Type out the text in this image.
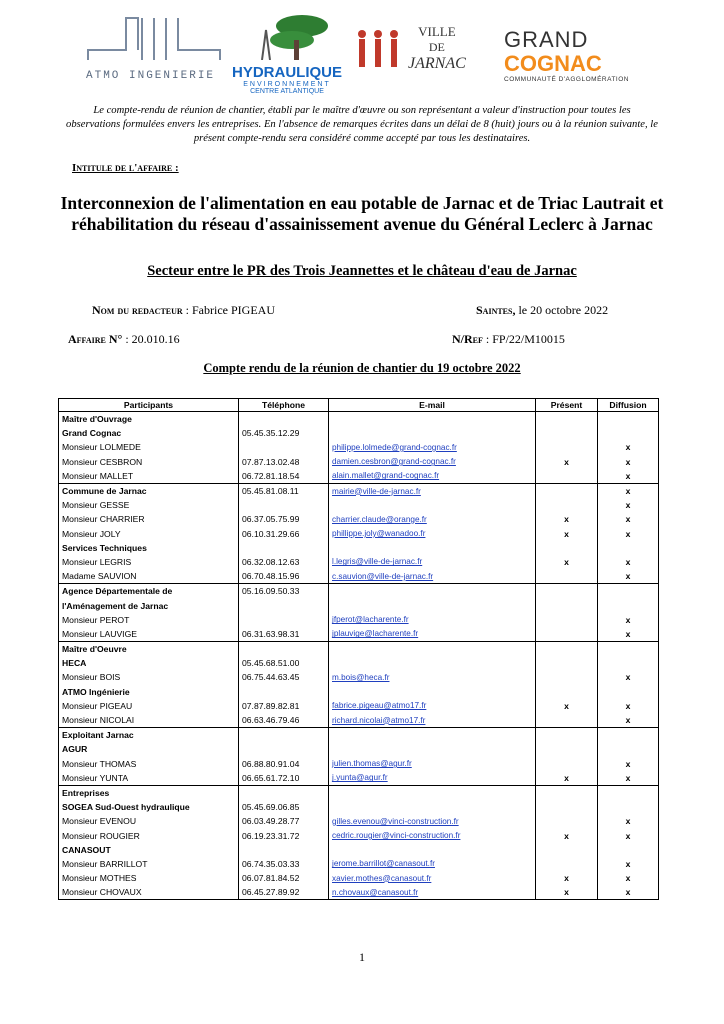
ATMO INGENIERIE HYDRAULIQUE
ENVIRONNEMENT
CENTRE ATLANTIQUE
VILLE
DE
JARNAC
GRAND
COGNAC
COMMUNAUTÉ D'AGGLOMÉRATION
Le compte-rendu de réunion de chantier, établi par le maître d'œuvre ou son représentant a valeur d'instruction pour toutes les observations formulées envers les entreprises. En l'absence de remarques écrites dans un délai de 8 (huit) jours ou à la réunion suivante, le présent compte-rendu sera considéré comme accepté par tous les destinataires.
Intitule de l'affaire :
Interconnexion de l'alimentation en eau potable de Jarnac et de Triac Lautrait et réhabilitation du réseau d'assainissement avenue du Général Leclerc à Jarnac
Secteur entre le PR des Trois Jeannettes et le château d'eau de Jarnac
Nom du redacteur : Fabrice PIGEAU	Saintes, le 20 octobre 2022
Affaire N° : 20.010.16	N/Ref : FP/22/M10015
Compte rendu de la réunion de chantier du 19 octobre 2022
Participants	Téléphone	E-mail	Présent	Diffusion
Maître d'Ouvrage				
Grand Cognac	05.45.35.12.29			
Monsieur LOLMEDE		philippe.lolmede@grand-cognac.fr		x
Monsieur CESBRON	07.87.13.02.48	damien.cesbron@grand-cognac.fr	x	x
Monsieur MALLET	06.72.81.18.54	alain.mallet@grand-cognac.fr		x
Commune de Jarnac	05.45.81.08.11	mairie@ville-de-jarnac.fr		x
Monsieur GESSE				x
Monsieur CHARRIER	06.37.05.75.99	charrier.claude@orange.fr	x	x
Monsieur JOLY	06.10.31.29.66	phillippe.joly@wanadoo.fr	x	x
Services Techniques				
Monsieur LEGRIS	06.32.08.12.63	l.legris@ville-de-jarnac.fr	x	x
Madame SAUVION	06.70.48.15.96	c.sauvion@ville-de-jarnac.fr		x
Agence Départementale de	05.16.09.50.33			
l'Aménagement de Jarnac				
Monsieur PEROT		jfperot@lacharente.fr		x
Monsieur LAUVIGE	06.31.63.98.31	jplauvige@lacharente.fr		x
Maître d'Oeuvre				
HECA	05.45.68.51.00			
Monsieur BOIS	06.75.44.63.45	m.bois@heca.fr		x
ATMO Ingénierie				
Monsieur PIGEAU	07.87.89.82.81	fabrice.pigeau@atmo17.fr	x	x
Monsieur NICOLAI	06.63.46.79.46	richard.nicolai@atmo17.fr		x
Exploitant Jarnac				
AGUR				
Monsieur THOMAS	06.88.80.91.04	julien.thomas@agur.fr		x
Monsieur YUNTA	06.65.61.72.10	j.yunta@agur.fr	x	x
Entreprises				
SOGEA Sud-Ouest hydraulique	05.45.69.06.85			
Monsieur EVENOU	06.03.49.28.77	gilles.evenou@vinci-construction.fr		x
Monsieur ROUGIER	06.19.23.31.72	cedric.rougier@vinci-construction.fr	x	x
CANASOUT				
Monsieur BARRILLOT	06.74.35.03.33	jerome.barrillot@canasout.fr		x
Monsieur MOTHES	06.07.81.84.52	xavier.mothes@canasout.fr	x	x
Monsieur CHOVAUX	06.45.27.89.92	n.chovaux@canasout.fr	x	x
1
